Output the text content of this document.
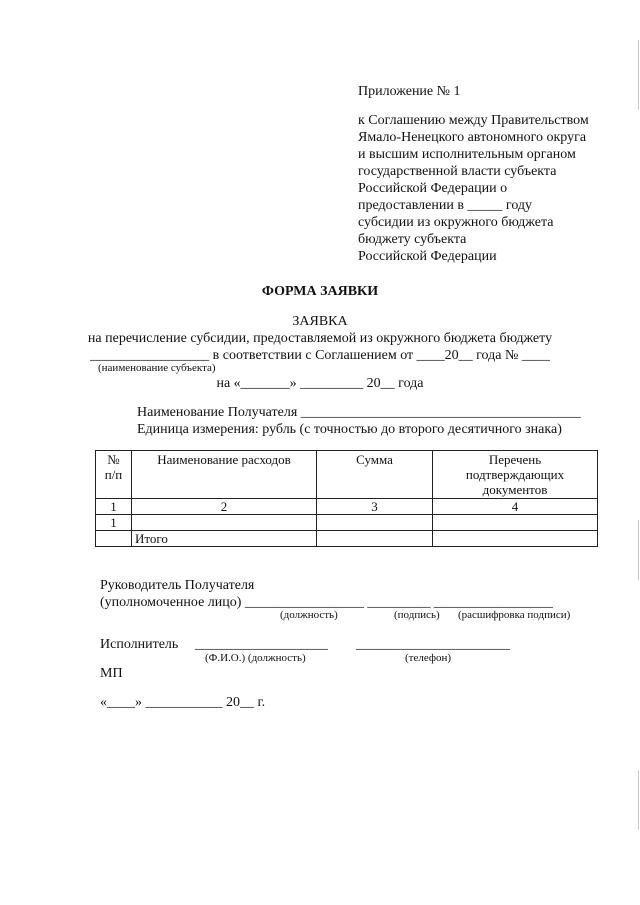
Приложение № 1
к Соглашению между Правительством
Ямало-Ненецкого автономного округа
и высшим исполнительным органом
государственной власти субъекта
Российской Федерации о
предоставлении в _____ году
субсидии из окружного бюджета
бюджету субъекта
Российской Федерации
ФОРМА ЗАЯВКИ
ЗАЯВКА
на перечисление субсидии, предоставляемой из окружного бюджета бюджету
_________________ в соответствии с Соглашением от ____20__ года № ____
(наименование субъекта)
на «_______» _________ 20__ года
Наименование Получателя ________________________________________
Единица измерения: рубль (с точностью до второго десятичного знака)
№
п/п	Наименование расходов	Сумма	Перечень
подтверждающих
документов
1	2	3	4
1			
	Итого		
Руководитель Получателя
(уполномоченное лицо) _________________ _________ _________________
(должность)	(подпись) (расшифровка подписи)
Исполнитель ___________________ ______________________
(Ф.И.О.) (должность)	(телефон)
МП
«____» ___________ 20__ г.
